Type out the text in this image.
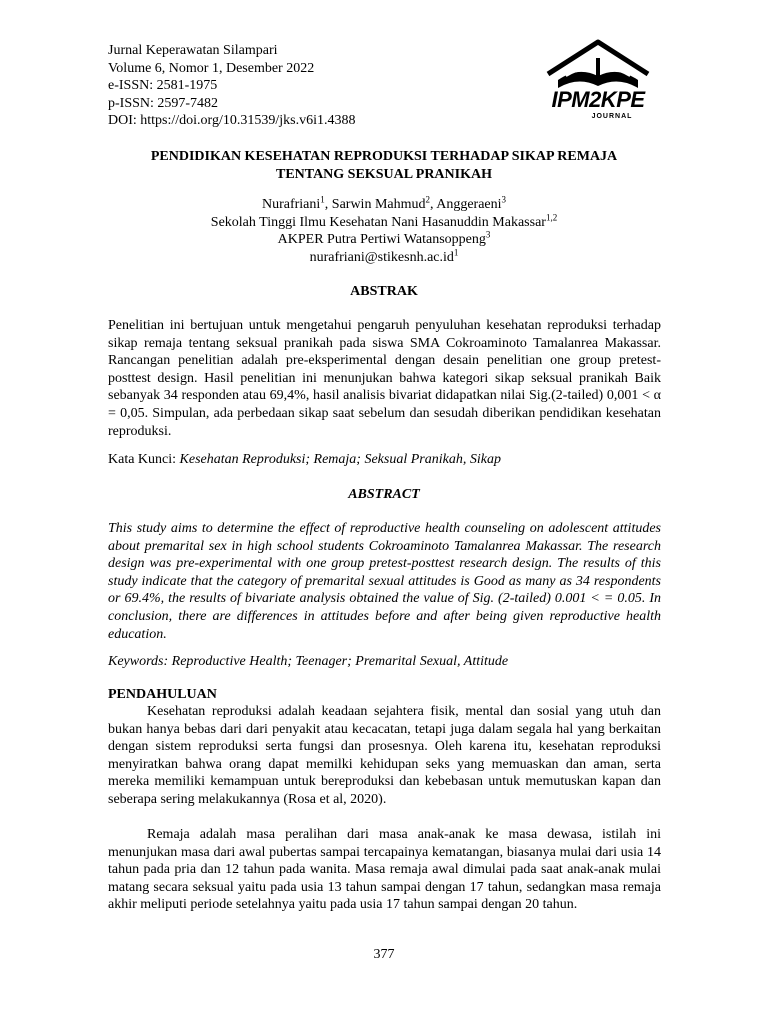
Jurnal Keperawatan Silampari
Volume 6, Nomor 1, Desember 2022
e-ISSN: 2581-1975
p-ISSN: 2597-7482
DOI: https://doi.org/10.31539/jks.v6i1.4388
IPM2KPE
JOURNAL
PENDIDIKAN KESEHATAN REPRODUKSI TERHADAP SIKAP REMAJA
TENTANG SEKSUAL PRANIKAH
Nurafriani$^1$, Sarwin Mahmud$^2$, Anggeraeni$^3$
Sekolah Tinggi Ilmu Kesehatan Nani Hasanuddin Makassar$^{1,2}$
AKPER Putra Pertiwi Watansoppeng$^3$
$nurafriani@stikesnh.ac.id^1$
ABSTRAK

Penelitian ini bertujuan untuk mengetahui pengaruh penyuluhan kesehatan reproduksi terhadap sikap remaja tentang seksual pranikah pada siswa SMA Cokroaminoto Tamalanrea Makassar. Rancangan penelitian adalah pre-eksperimental dengan desain penelitian one group pretest-posttest design. Hasil penelitian ini menunjukan bahwa kategori sikap seksual pranikah Baik sebanyak 34 responden atau 69,4%, hasil analisis bivariat didapatkan nilai Sig.(2-tailed) 0,001 < α = 0,05. Simpulan, ada perbedaan sikap saat sebelum dan sesudah diberikan pendidikan kesehatan reproduksi.

Kata Kunci: Kesehatan Reproduksi; Remaja; Seksual Pranikah, Sikap

ABSTRACT

This study aims to determine the effect of reproductive health counseling on adolescent attitudes about premarital sex in high school students Cokroaminoto Tamalanrea Makassar. The research design was pre-experimental with one group pretest-posttest research design. The results of this study indicate that the category of premarital sexual attitudes is Good as many as 34 respondents or 69.4%, the results of bivariate analysis obtained the value of Sig. (2-tailed) 0.001 < = 0.05. In conclusion, there are differences in attitudes before and after being given reproductive health education.

Keywords: Reproductive Health; Teenager; Premarital Sexual, Attitude

PENDAHULUAN

Kesehatan reproduksi adalah keadaan sejahtera fisik, mental dan sosial yang utuh dan bukan hanya bebas dari dari penyakit atau kecacatan, tetapi juga dalam segala hal yang berkaitan dengan sistem reproduksi serta fungsi dan prosesnya. Oleh karena itu, kesehatan reproduksi menyiratkan bahwa orang dapat memilki kehidupan seks yang memuaskan dan aman, serta mereka memiliki kemampuan untuk bereproduksi dan kebebasan untuk memutuskan kapan dan seberapa sering melakukannya (Rosa et al, 2020).

Remaja adalah masa peralihan dari masa anak-anak ke masa dewasa, istilah ini menunjukan masa dari awal pubertas sampai tercapainya kematangan, biasanya mulai dari usia 14 tahun pada pria dan 12 tahun pada wanita. Masa remaja awal dimulai pada saat anak-anak mulai matang secara seksual yaitu pada usia 13 tahun sampai dengan 17 tahun, sedangkan masa remaja akhir meliputi periode setelahnya yaitu pada usia 17 tahun sampai dengan 20 tahun.

377
